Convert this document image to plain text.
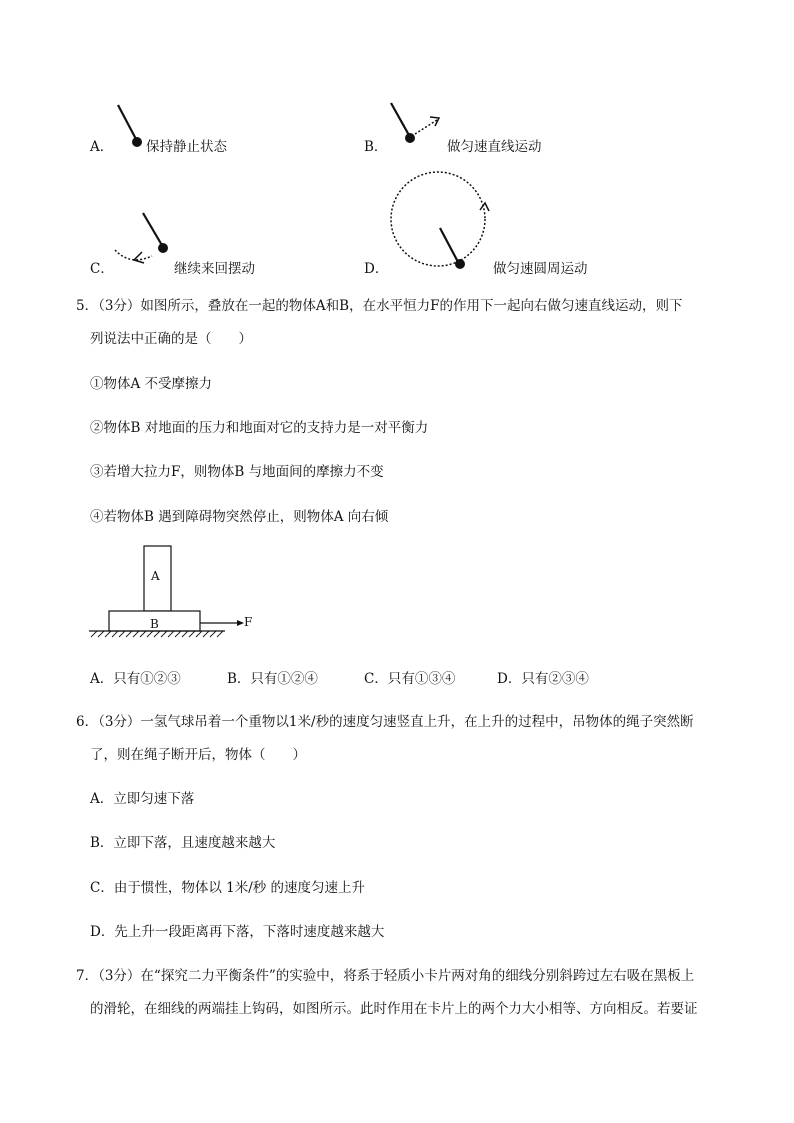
A． 保持静止状态	B．	做匀速直线运动
C．	继续来回摆动	D．	做匀速圆周运动
5．（3分）如图所示，叠放在一起的物体A和B，在水平恒力F的作用下一起向右做匀速直线运动，则下
列说法中正确的是（　　）
①物体A 不受摩擦力
②物体B 对地面的压力和地面对它的支持力是一对平衡力
③若增大拉力F，则物体B 与地面间的摩擦力不变
④若物体B 遇到障碍物突然停止，则物体A 向右倾
A
B	F
A．只有①②③	B．只有①②④	C．只有①③④	D．只有②③④
6．（3分）一氢气球吊着一个重物以1米/秒的速度匀速竖直上升，在上升的过程中，吊物体的绳子突然断
了，则在绳子断开后，物体（　　）
A．立即匀速下落
B．立即下落，且速度越来越大
C．由于惯性，物体以 1米/秒 的速度匀速上升
D．先上升一段距离再下落，下落时速度越来越大
7．（3分）在“探究二力平衡条件”的实验中，将系于轻质小卡片两对角的细线分别斜跨过左右吸在黑板上
的滑轮，在细线的两端挂上钩码，如图所示。此时作用在卡片上的两个力大小相等、方向相反。若要证
